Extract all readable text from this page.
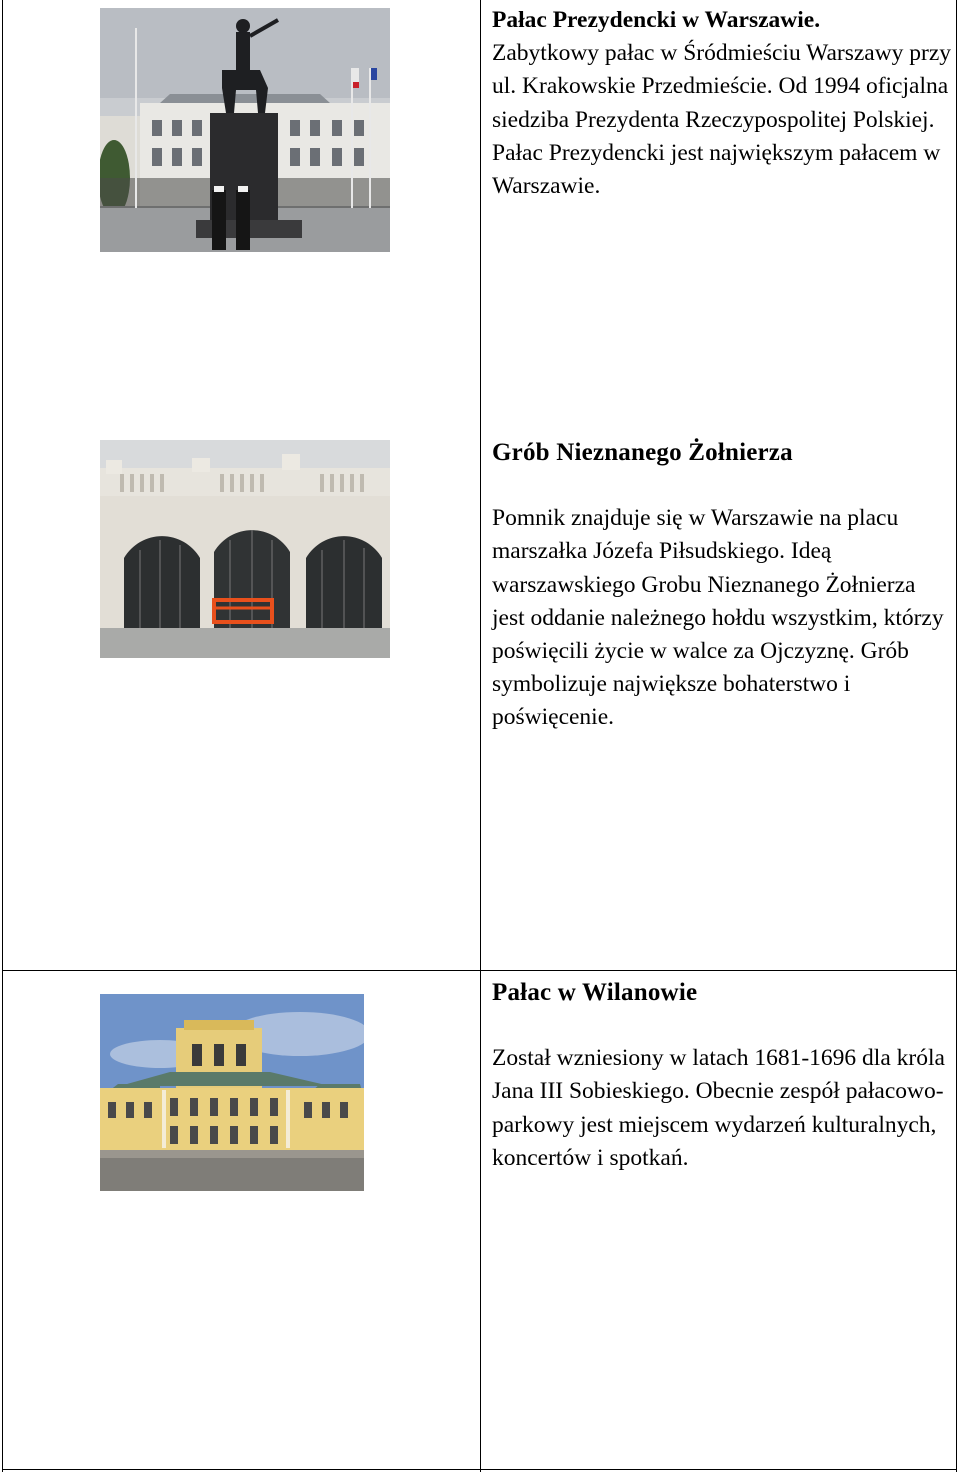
Pałac Prezydencki w Warszawie.
Zabytkowy pałac w Śródmieściu Warszawy przy ul. Krakowskie Przedmieście. Od 1994 oficjalna siedziba Prezydenta Rzeczypospolitej Polskiej. Pałac Prezydencki jest największym pałacem w Warszawie.
Grób Nieznanego Żołnierza
Pomnik znajduje się w Warszawie na placu marszałka Józefa Piłsudskiego. Ideą warszawskiego Grobu Nieznanego Żołnierza jest oddanie należnego hołdu wszystkim, którzy poświęcili życie w walce za Ojczyznę. Grób symbolizuje największe bohaterstwo i poświęcenie.
Pałac w Wilanowie
Został wzniesiony w latach 1681-1696 dla króla Jana III Sobieskiego. Obecnie zespół pałacowo-parkowy jest miejscem wydarzeń kulturalnych, koncertów i spotkań.
